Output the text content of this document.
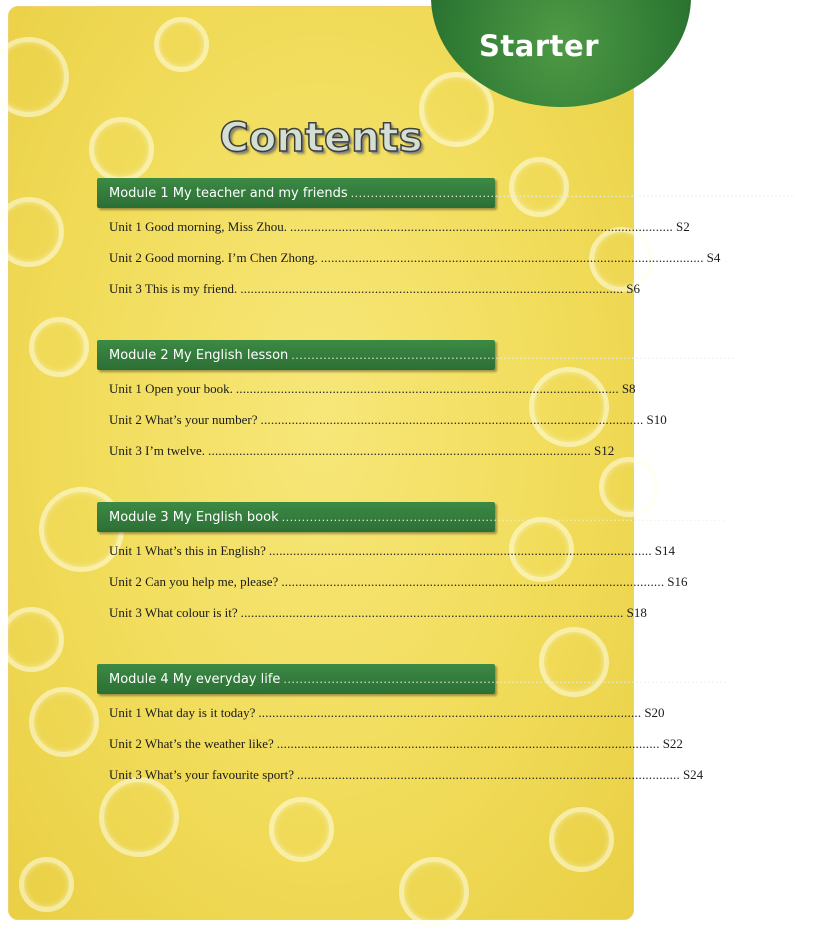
Starter
Contents
Module 1 My teacher and my friends ............................................................................................................... S2
Unit 1 Good morning, Miss Zhou. ............................................................................................................... S2
Unit 2 Good morning. I’m Chen Zhong. ............................................................................................................... S4
Unit 3 This is my friend. ............................................................................................................... S6
Module 2 My English lesson ............................................................................................................... S8
Unit 1 Open your book. ............................................................................................................... S8
Unit 2 What’s your number? ............................................................................................................... S10
Unit 3 I’m twelve. ............................................................................................................... S12
Module 3 My English book ............................................................................................................... S14
Unit 1 What’s this in English? ............................................................................................................... S14
Unit 2 Can you help me, please? ............................................................................................................... S16
Unit 3 What colour is it? ............................................................................................................... S18
Module 4 My everyday life ............................................................................................................... S20
Unit 1 What day is it today? ............................................................................................................... S20
Unit 2 What’s the weather like? ............................................................................................................... S22
Unit 3 What’s your favourite sport? ............................................................................................................... S24
